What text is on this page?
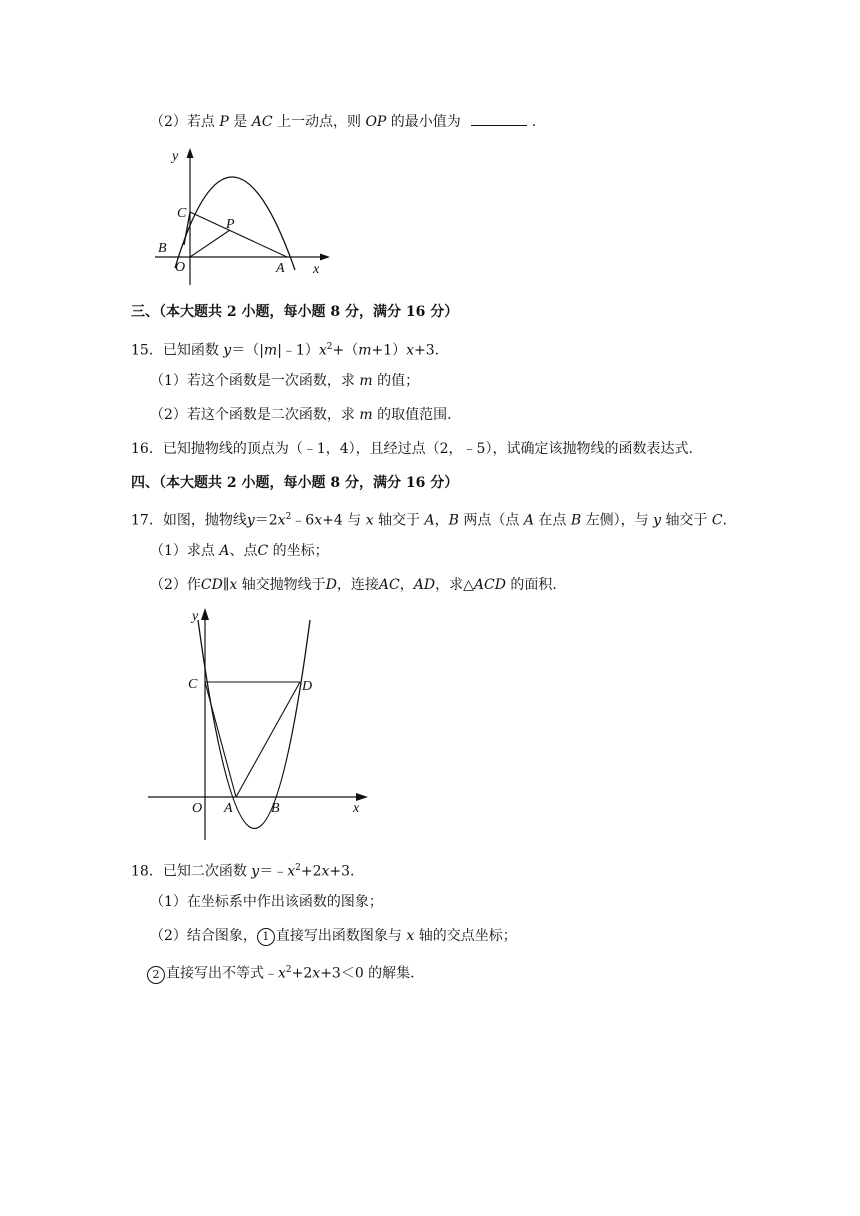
（2）若点 P 是 AC 上一动点，则 OP 的最小值为	.
y
C
P
B
O	A x
三、（本大题共 2 小题，每小题 8 分，满分 16 分）
15．已知函数 $y=(|m|﹣1)x^2+(m+1)x+3$.
（1）若这个函数是一次函数，求 m 的值；
（2）若这个函数是二次函数，求 m 的取值范围.
16．已知抛物线的顶点为（﹣1，4），且经过点（2，﹣5），试确定该抛物线的函数表达式.
四、（本大题共 2 小题，每小题 8 分，满分 16 分）
17．如图，抛物线$y=2x^2﹣6x+4$ 与 x 轴交于 A，B 两点（点 A 在点 B 左侧），与 y 轴交于 C.
（1）求点 A、点C 的坐标；
（2）作CD∥x 轴交抛物线于D，连接AC，AD，求△ACD 的面积.
y
C	D
O A	B	x
18．已知二次函数 $y=﹣x^2+2x+3$.
（1）在坐标系中作出该函数的图象；
（2）结合图象， 1 直接写出函数图象与 x 轴的交点坐标；
2 直接写出不等式$﹣x^2+2x+3<0$ 的解集.
